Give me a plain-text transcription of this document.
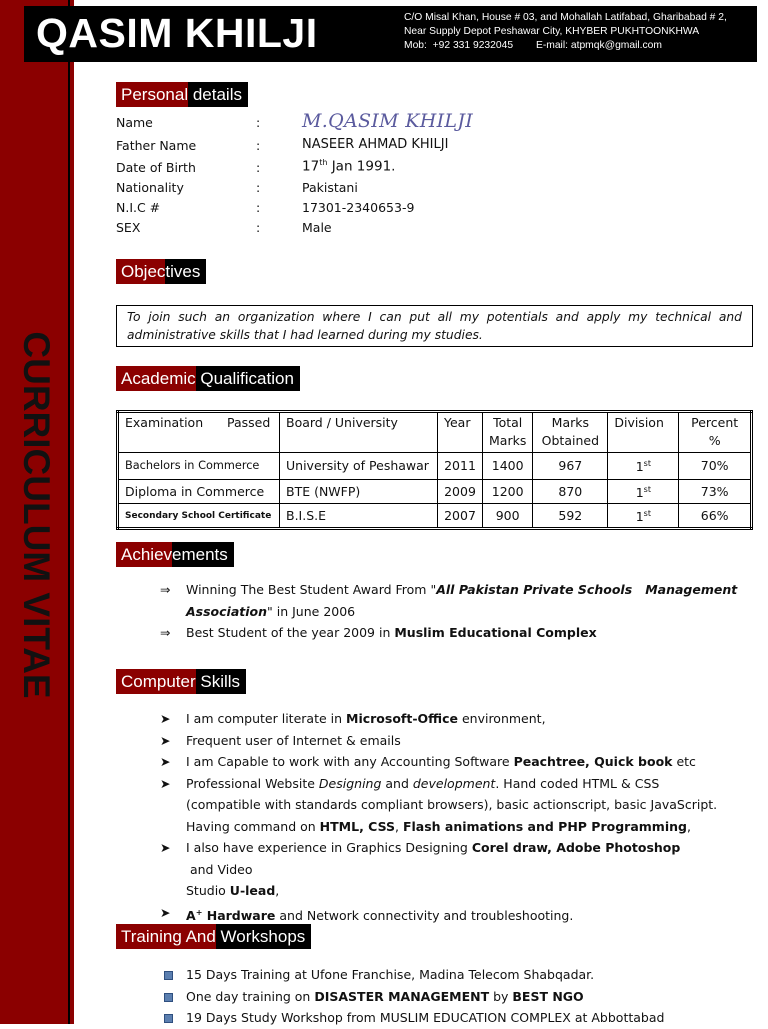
CURRICULUM VITAE
QASIM KHILJI	C/O Misal Khan, House # 03, and Mohallah Latifabad, Gharibabad # 2,
Near Supply Depot Peshawar City, KHYBER PUKHTOONKHWA
Mob:  +92 331 9232045        E-mail: atpmqk@gmail.com
Personal details
Name	: M.QASIM KHILJI
Father Name	:	NASEER AHMAD KHILJI
Date of Birth	:	17th Jan 1991.
Nationality	:	Pakistani
N.I.C #	:	17301-2340653-9
SEX	:	Male
Objec tives
To join such an organization where I can put all my potentials and apply my technical and administrative skills that I had learned during my studies.
Academic Qualification
Examination      Passed	Board / University	Year	Total Marks	Marks Obtained	Division	Percent %
Bachelors in Commerce	University of Peshawar	2011	1400	967	1st	70%
Diploma in Commerce	BTE (NWFP)	2009	1200	870	1st	73%
Secondary School Certificate	B.I.S.E	2007	900	592	1st	66%
Achiev ements
⇒ Winning The Best Student Award From "All Pakistan Private Schools   Management
Association" in June 2006
⇒ Best Student of the year 2009 in Muslim Educational Complex
Computer Skills
➤ I am computer literate in Microsoft-Office environment,
➤ Frequent user of Internet & emails
➤ I am Capable to work with any Accounting Software Peachtree, Quick book etc
➤ Professional Website Designing and development. Hand coded HTML & CSS
(compatible with standards compliant browsers), basic actionscript, basic JavaScript.
Having command on HTML, CSS, Flash animations and PHP Programming,
➤ I also have experience in Graphics Designing Corel draw, Adobe Photoshop and Video
Studio U-lead,
➤ A+ Hardware and Network connectivity and troubleshooting.
Training And Workshops
15 Days Training at Ufone Franchise, Madina Telecom Shabqadar.
One day training on DISASTER MANAGEMENT by BEST NGO
19 Days Study Workshop from MUSLIM EDUCATION COMPLEX at Abbottabad
